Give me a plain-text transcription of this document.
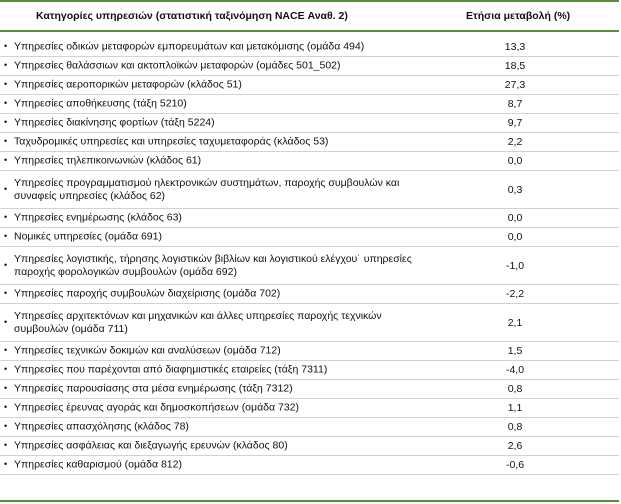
Κατηγορίες υπηρεσιών (στατιστική ταξινόμηση NACE Αναθ. 2)	Ετήσια μεταβολή (%)
• Υπηρεσίες οδικών μεταφορών εμπορευμάτων και μετακόμισης (ομάδα 494)	13,3
• Υπηρεσίες θαλάσσιων και ακτοπλοϊκών μεταφορών (ομάδες 501_502)	18,5
• Υπηρεσίες αεροπορικών μεταφορών (κλάδος 51)	27,3
• Υπηρεσίες αποθήκευσης (τάξη 5210)	8,7
• Υπηρεσίες διακίνησης φορτίων (τάξη 5224)	9,7
• Ταχυδρομικές υπηρεσίες και υπηρεσίες ταχυμεταφοράς (κλάδος 53)	2,2
• Υπηρεσίες τηλεπικοινωνιών (κλάδος 61)	0,0
•
Υπηρεσίες προγραμματισμού ηλεκτρονικών συστημάτων, παροχής συμβουλών και συναφείς υπηρεσίες (κλάδος 62)	0,3
• Υπηρεσίες ενημέρωσης (κλάδος 63)	0,0
• Νομικές υπηρεσίες (ομάδα 691)	0,0
•
Υπηρεσίες λογιστικής, τήρησης λογιστικών βιβλίων και λογιστικού ελέγχου˙ υπηρεσίες παροχής φορολογικών συμβουλών (ομάδα 692)	-1,0
• Υπηρεσίες παροχής συμβουλών διαχείρισης (ομάδα 702)	-2,2
•
Υπηρεσίες αρχιτεκτόνων και μηχανικών και άλλες υπηρεσίες παροχής τεχνικών συμβουλών (ομάδα 711)	2,1
• Υπηρεσίες τεχνικών δοκιμών και αναλύσεων (ομάδα 712)	1,5
• Υπηρεσίες που παρέχονται από διαφημιστικές εταιρείες (τάξη 7311)	-4,0
• Υπηρεσίες παρουσίασης στα μέσα ενημέρωσης (τάξη 7312)	0,8
• Υπηρεσίες έρευνας αγοράς και δημοσκοπήσεων (ομάδα 732)	1,1
• Υπηρεσίες απασχόλησης (κλάδος 78)	0,8
• Υπηρεσίες ασφάλειας και διεξαγωγής ερευνών (κλάδος 80)	2,6
• Υπηρεσίες καθαρισμού (ομάδα 812)	-0,6
